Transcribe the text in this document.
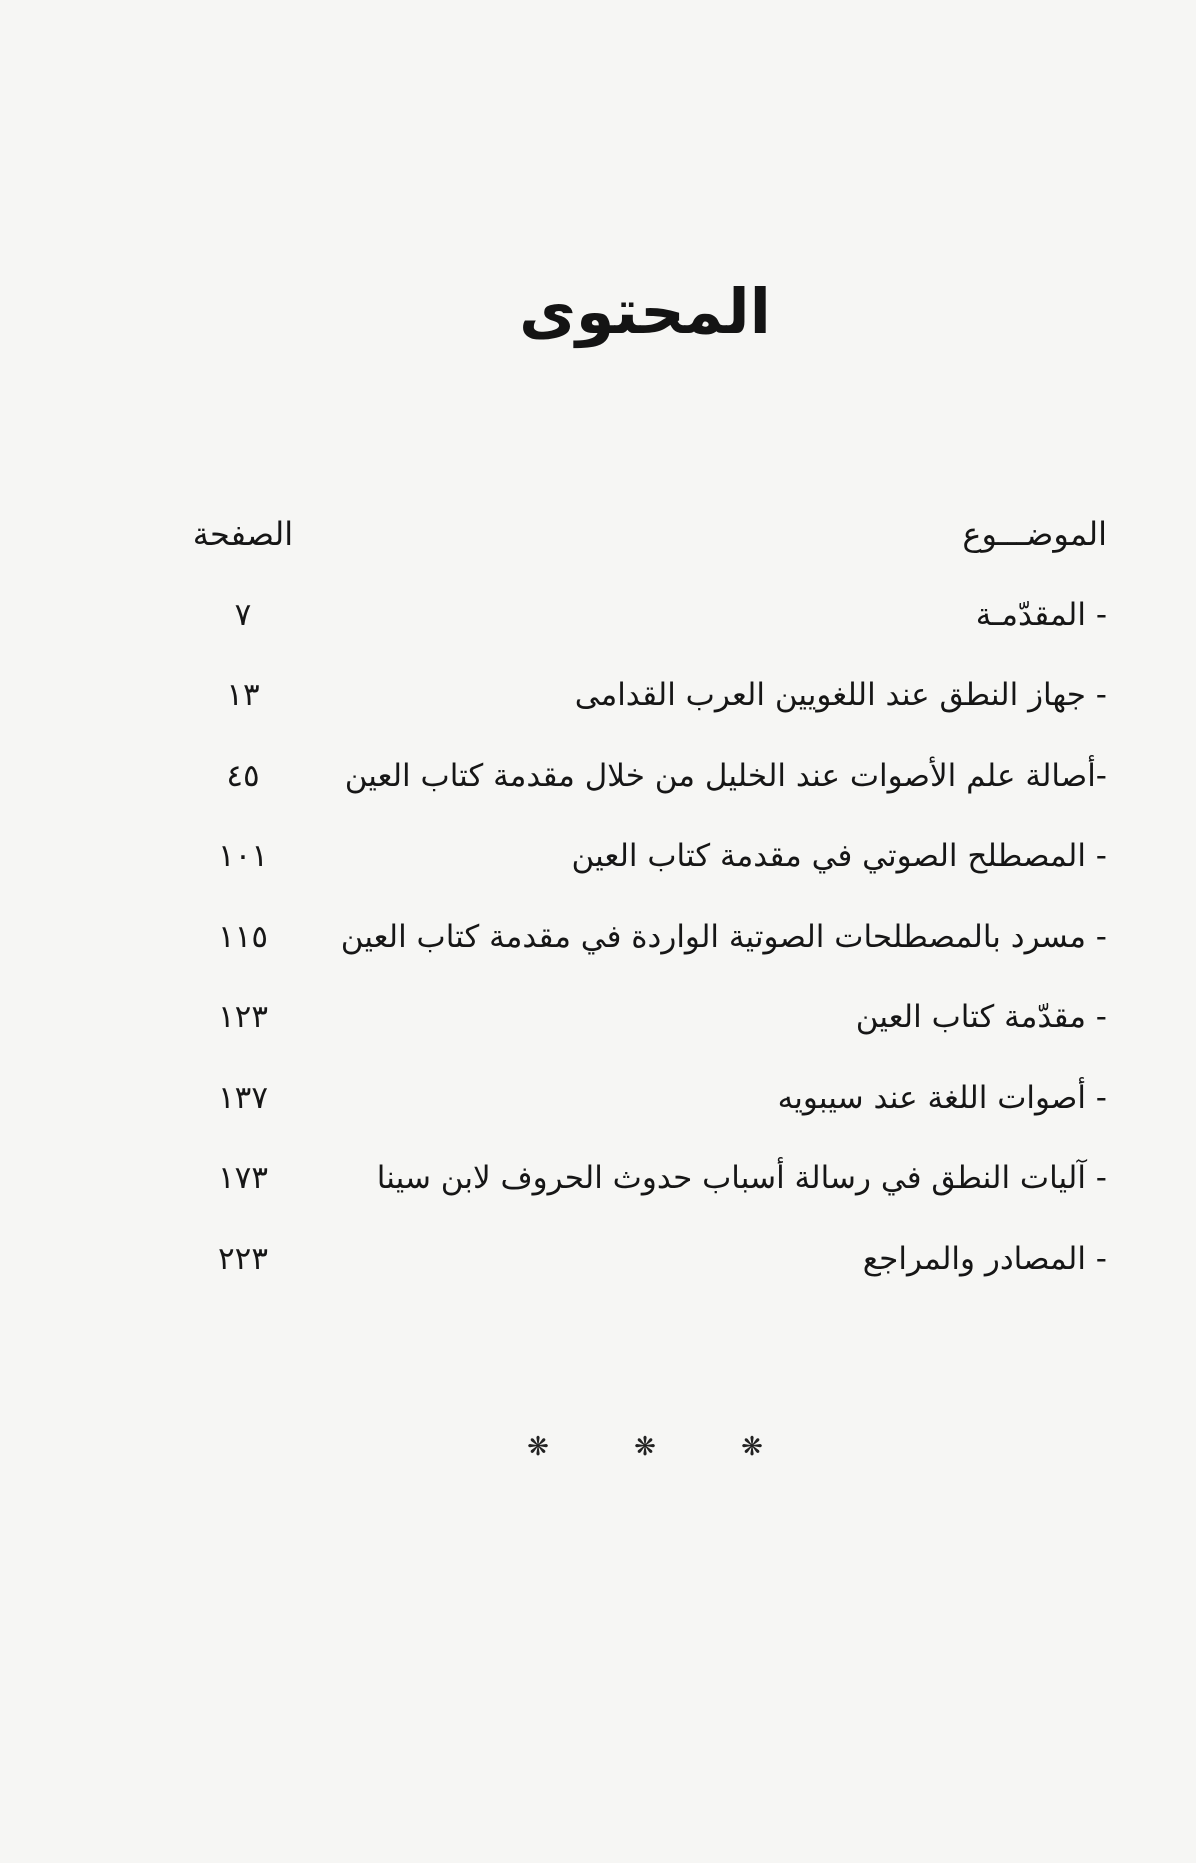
المحتوى
الموضـــوع
الصفحة
- المقدّمـة
٧
- جهاز النطق عند اللغويين العرب القدامى
١٣
-أصالة علم الأصوات عند الخليل من خلال مقدمة كتاب العين
٤٥
- المصطلح الصوتي في مقدمة كتاب العين
١٠١
- مسرد بالمصطلحات الصوتية الواردة في مقدمة كتاب العين
١١٥
- مقدّمة كتاب العين
١٢٣
- أصوات اللغة عند سيبويه
١٣٧
- آليات النطق في رسالة أسباب حدوث الحروف لابن سينا
١٧٣
- المصادر والمراجع
٢٢٣
❋	❋	❋
